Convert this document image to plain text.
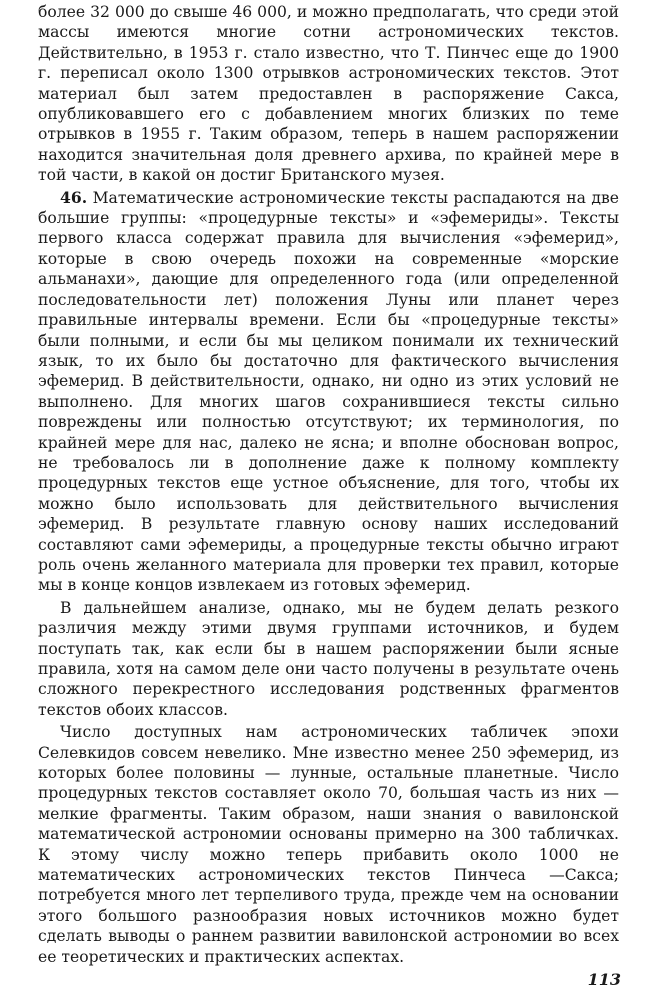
более 32 000 до свыше 46 000, и можно предполагать, что среди этой массы имеются многие сотни астрономических текстов. Действительно, в 1953 г. стало известно, что Т. Пинчес еще до 1900 г. переписал около 1300 отрывков астрономических текстов. Этот материал был затем предоставлен в распоряжение Сакса, опубликовавшего его с добавлением многих близких по теме отрывков в 1955 г. Таким образом, теперь в нашем распоряжении находится значительная доля древнего архива, по крайней мере в той части, в какой он достиг Британского музея.

46. Математические астрономические тексты распадаются на две большие группы: «процедурные тексты» и «эфемериды». Тексты первого класса содержат правила для вычисления «эфемерид», которые в свою очередь похожи на современные «морские альманахи», дающие для определенного года (или определенной последовательности лет) положения Луны или планет через правильные интервалы времени. Если бы «процедурные тексты» были полными, и если бы мы целиком понимали их технический язык, то их было бы достаточно для фактического вычисления эфемерид. В действительности, однако, ни одно из этих условий не выполнено. Для многих шагов сохранившиеся тексты сильно повреждены или полностью отсутствуют; их терминология, по крайней мере для нас, далеко не ясна; и вполне обоснован вопрос, не требовалось ли в дополнение даже к полному комплекту процедурных текстов еще устное объяснение, для того, чтобы их можно было использовать для действительного вычисления эфемерид. В результате главную основу наших исследований составляют сами эфемериды, а процедурные тексты обычно играют роль очень желанного материала для проверки тех правил, которые мы в конце концов извлекаем из готовых эфемерид.

В дальнейшем анализе, однако, мы не будем делать резкого различия между этими двумя группами источников, и будем поступать так, как если бы в нашем распоряжении были ясные правила, хотя на самом деле они часто получены в результате очень сложного перекрестного исследования родственных фрагментов текстов обоих классов.

Число доступных нам астрономических табличек эпохи Селевкидов совсем невелико. Мне известно менее 250 эфемерид, из которых более половины — лунные, остальные планетные. Число процедурных текстов составляет около 70, большая часть из них — мелкие фрагменты. Таким образом, наши знания о вавилонской математической астрономии основаны примерно на 300 табличках. К этому числу можно теперь прибавить около 1000 не математических астрономических текстов Пинчеса —Сакса; потребуется много лет терпеливого труда, прежде чем на основании этого большого разнообразия новых источников можно будет сделать выводы о раннем развитии вавилонской астрономии во всех ее теоретических и практических аспектах.

113
